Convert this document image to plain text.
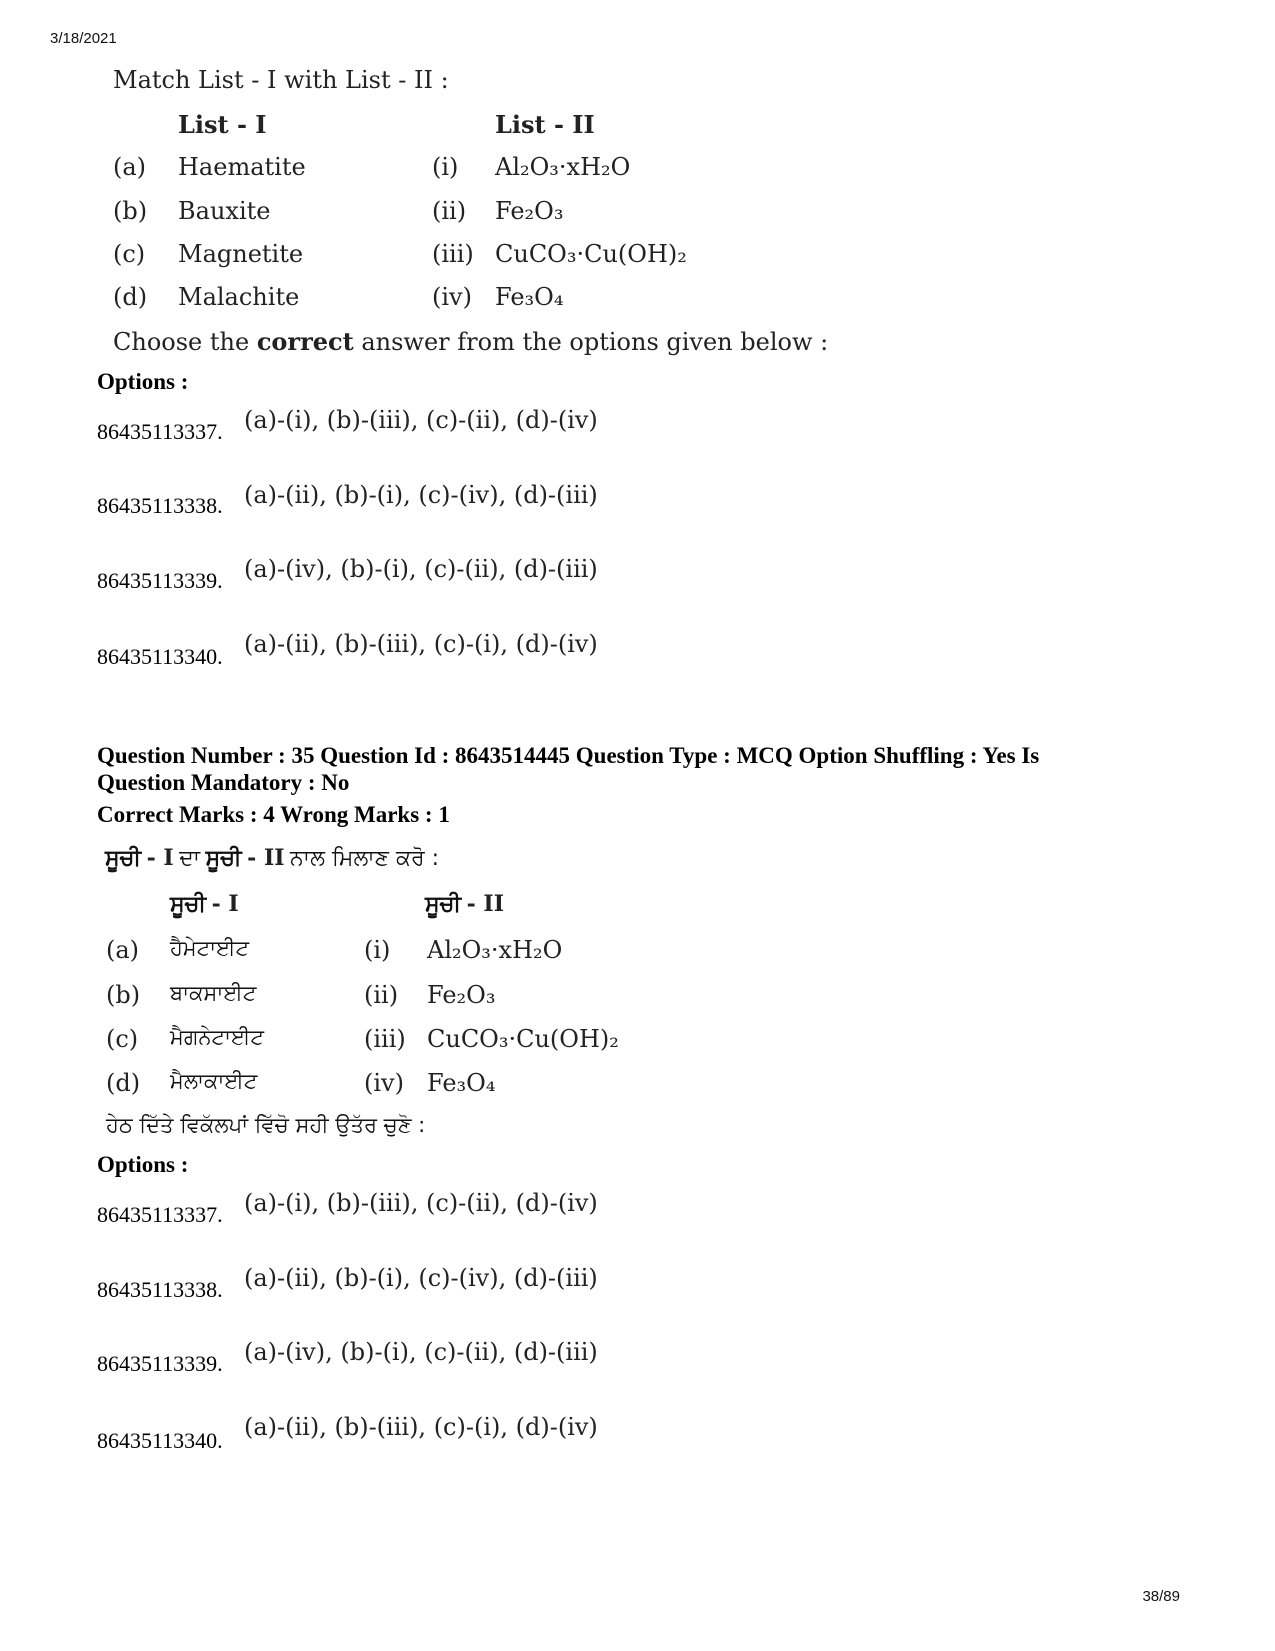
3/18/2021
Match List - I with List - II :
List - I	List - II
(a) Haematite	(i) Al₂O₃·xH₂O
(b) Bauxite	(ii) Fe₂O₃
(c) Magnetite	(iii) CuCO₃·Cu(OH)₂
(d) Malachite	(iv) Fe₃O₄
Choose the correct answer from the options given below :
Options :
86435113337. (a)-(i), (b)-(iii), (c)-(ii), (d)-(iv)
86435113338. (a)-(ii), (b)-(i), (c)-(iv), (d)-(iii)
86435113339. (a)-(iv), (b)-(i), (c)-(ii), (d)-(iii)
86435113340. (a)-(ii), (b)-(iii), (c)-(i), (d)-(iv)
Question Number : 35 Question Id : 8643514445 Question Type : MCQ Option Shuffling : Yes Is
Question Mandatory : No
Correct Marks : 4 Wrong Marks : 1
ਸੂਚੀ - I ਦਾ ਸੂਚੀ - II ਨਾਲ ਮਿਲਾਣ ਕਰੋ :
ਸੂਚੀ - I	ਸੂਚੀ - II
(a) ਹੈਮੇਟਾਈਟ	(i) Al₂O₃·xH₂O
(b) ਬਾਕਸਾਈਟ	(ii) Fe₂O₃
(c) ਮੈਗਨੇਟਾਈਟ	(iii) CuCO₃·Cu(OH)₂
(d) ਮੈਲਾਕਾਈਟ	(iv) Fe₃O₄
ਹੇਠ ਦਿੱਤੇ ਵਿਕੱਲਪਾਂ ਵਿੱਚੋ ਸਹੀ ਉਤੱਰ ਚੁਣੋ :
Options :
86435113337. (a)-(i), (b)-(iii), (c)-(ii), (d)-(iv)
86435113338. (a)-(ii), (b)-(i), (c)-(iv), (d)-(iii)
86435113339. (a)-(iv), (b)-(i), (c)-(ii), (d)-(iii)
86435113340. (a)-(ii), (b)-(iii), (c)-(i), (d)-(iv)
38/89
